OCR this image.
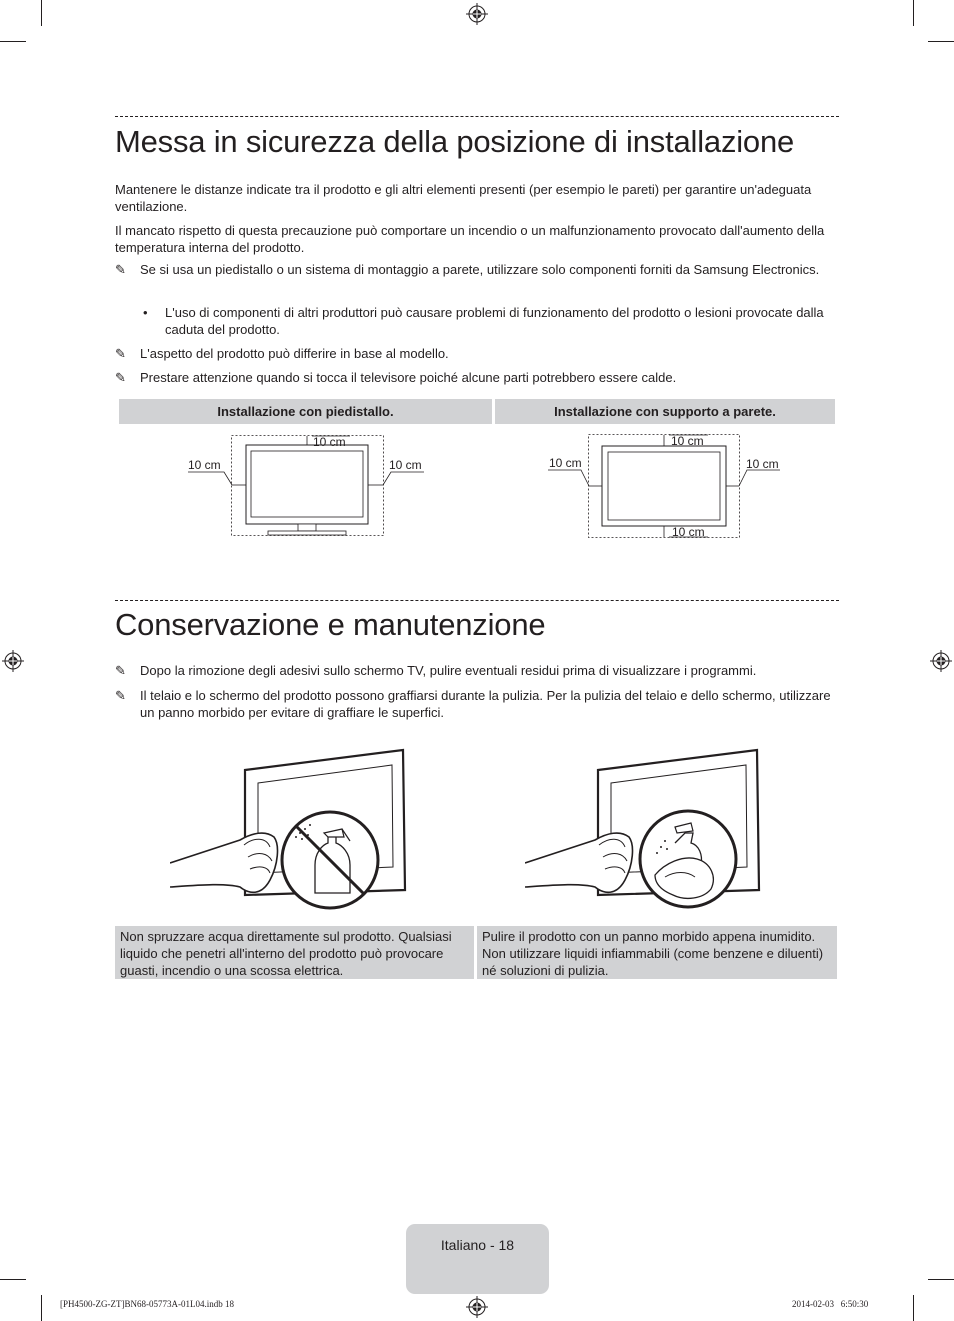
Messa in sicurezza della posizione di installazione

Mantenere le distanze indicate tra il prodotto e gli altri elementi presenti (per esempio le pareti) per garantire un'adeguata ventilazione.

Il mancato rispetto di questa precauzione può comportare un incendio o un malfunzionamento provocato dall'aumento della temperatura interna del prodotto.

✎	Se si usa un piedistallo o un sistema di montaggio a parete, utilizzare solo componenti forniti da Samsung Electronics.
• L'uso di componenti di altri produttori può causare problemi di funzionamento del prodotto o lesioni provocate dalla caduta del prodotto.
✎	L'aspetto del prodotto può differire in base al modello.
✎	Prestare attenzione quando si tocca il televisore poiché alcune parti potrebbero essere calde.
Installazione con piedistallo.	Installazione con supporto a parete.
10 cm
10 cm	10 cm
10 cm
10 cm
10 cm	10 cm
Conservazione e manutenzione
✎	Dopo la rimozione degli adesivi sullo schermo TV, pulire eventuali residui prima di visualizzare i programmi.
✎	Il telaio e lo schermo del prodotto possono graffiarsi durante la pulizia. Per la pulizia del telaio e dello schermo, utilizzare un panno morbido per evitare di graffiare le superfici.
Non spruzzare acqua direttamente sul prodotto. Qualsiasi liquido che penetri all'interno del prodotto può provocare guasti, incendio o una scossa elettrica.
Pulire il prodotto con un panno morbido appena inumidito. Non utilizzare liquidi infiammabili (come benzene e diluenti) né soluzioni di pulizia.
Italiano - 18
[PH4500-ZG-ZT]BN68-05773A-01L04.indb 18	2014-02-03   6:50:30
